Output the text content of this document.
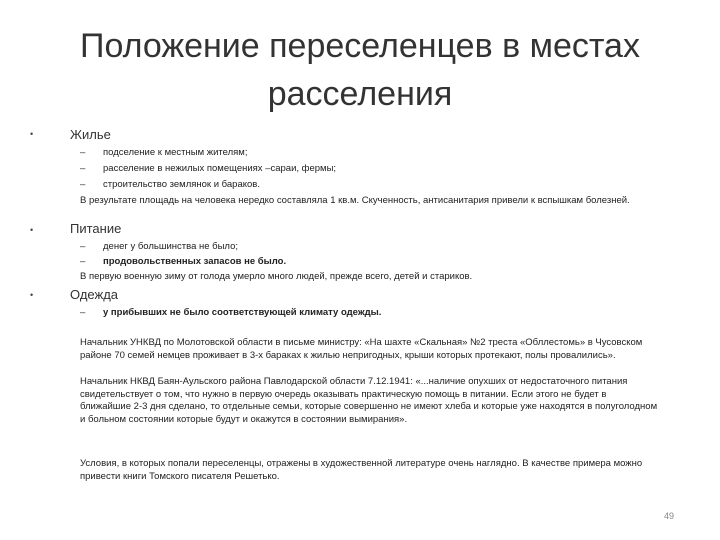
Положение переселенцев в местах расселения
•	Жилье
– подселение к местным жителям;
– расселение в нежилых помещениях –сараи, фермы;
– строительство землянок и бараков.
В результате площадь на человека нередко составляла 1 кв.м. Скученность, антисанитария привели к вспышкам болезней.
•	Питание
– денег у большинства не было;
– продовольственных запасов не было.
В первую военную зиму от голода умерло много людей, прежде всего, детей и стариков.
•	Одежда
– у прибывших не было соответствующей климату одежды.
Начальник УНКВД по Молотовской области в письме министру: «На шахте «Скальная» №2 треста «Обллестомь» в Чусовском районе 70 семей немцев проживает в 3-х бараках к жилью непригодных, крыши которых протекают, полы провалились».
Начальник НКВД Баян-Аульского района Павлодарской области 7.12.1941: «...наличие опухших от недостаточного питания свидетельствует о том, что нужно в первую очередь оказывать практическую помощь в питании. Если этого не будет в ближайшие 2-3 дня сделано, то отдельные семьи, которые совершенно не имеют хлеба и которые уже находятся в полуголодном и больном состоянии которые будут и окажутся в состоянии вымирания».
Условия, в которых попали переселенцы, отражены в художественной литературе очень наглядно. В качестве примера можно привести книги Томского писателя Решетько.
49
